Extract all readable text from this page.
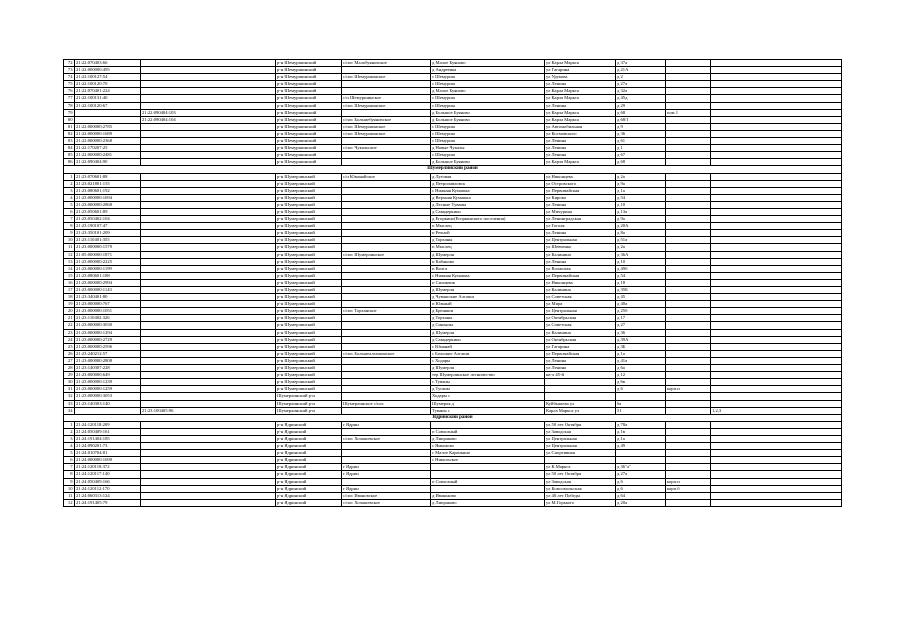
72	21:22:070403:66		р-н Шемуршинский	с/пос Малобуяновское	д Малое Буяново	ул Карла Маркса	д 37а		
73	21:22:000000:495		р-н Шемуршинский		д Андреевка	ул Гагарина	д 21А		
74	21:22:100127:54		р-н Шемуршинский	с/пос Шемуршинское	с Шемурша	ул Урукова	д 2		
75	21:22:100120:70		р-н Шемуршинский		с Шемурша	ул Ленина	д 27а		
76	21:22:070401:224		р-н Шемуршинский		д Малое Буяново	ул Карла Маркса	д 32а		
77	21:22:100131:40		р-н Шемуршинский	с/п Шемуршинское	с Шемурша	ул Карла Маркса	д 45д		
78	21:22:100120:67		р-н Шемуршинский	с/пос Шемуршинское	с Шемурша	ул Ленина	д 29		
79		21:22:090404:103	р-н Шемуршинский		д Большое Буяново	ул Карла Маркса	д 68	пом 1	
80		21:22:090404:104	р-н Шемуршинский	с/пос Большебуяновское	д Большое Буяново	ул Карла Маркса	д 68/1		
81	21:22:000000:2785		р-н Шемуршинский	с/пос Шемуршинское	с Шемурша	ул Автомобильная	д 9		
82	21:22:000000:1689		р-н Шемуршинский	с/пос Шемуршинское	с Шемурша	ул Космовского	д 36		
83	21:22:000000:2368		р-н Шемуршинский		с Шемурша	ул Ленина	д 61		
84	21:22:170207:25		р-н Шемуршинский	с/пос Чукальское	д Новые Чукалы	ул Ленина	д 1		
85	21:22:000000:2481		р-н Шемуршинский		с Шемурша	ул Ленина	д 67		
86	21:22:090404:90		р-н Шемуршинский		д Большое Буяново	ул Карла Маркса	д 68		
Шумерлинский район									
1	21:23:070601:88		р-н Шумерлинский	с/п Юманайское	д Луговая	ул Никонцева	д 2а		
2	21:23:021801:155		р-н Шумерлинский		д Петропавловск	ул Островского	д 9а		
3	21:23:080601:192		р-н Шумерлинский		с Нижняя Кумашка	ул Первомайская	д 1а		
4	21:23:000000:1694		р-н Шумерлинский		д Верхняя Кумашка	ул Кирова	д 54		
5	21:23:000000:2868		р-н Шумерлинский		д Лесные Туваны	ул Ленина	д 10		
6	21:23:050601:89		р-н Шумерлинский		д Савадеркино	ул Мичурина	д 13а		
7	21:23:050402:104		р-н Шумерлинский		д Егоркино(Егоркинского поселения)	ул Ленинградская	д 9а		
8	21:23:190107:47		р-н Шумерлинский		п Мыслец	ул Гоголя	д 20А		
9	21:23:350101:209		р-н Шумерлинский		п Речной	ул Ленина	д 8а		
10	21:23:110401:355		р-н Шумерлинский		д Торханы	ул Центральная	д 51а		
11	21:23:000000:1579		р-н Шумерлинский		п Мыслец	ул Шевченко	д 2а		
12	21:05:000000:1871		р-н Шумерлинский	с/пос Шумерлинское	д Шумерля	ул Калинина	д 36А		
13	21:23:000000:2225		р-н Шумерлинский		п Кабаново	ул Ленина	д 10		
14	21:23:000000:1199		р-н Шумерлинский		п Волга	ул Волжская	д 49б		
15	21:23:080601:188		р-н Шумерлинский		с Нижняя Кумашка	ул Первомайская	д 54		
16	21:23:000000:2994		р-н Шумерлинский		п Силикчик	ул Никонцева	д 18		
17	21:23:000000:1143		р-н Шумерлинский		д Шумерля	ул Калинина	д 35Б		
18	21:23:340401:80		р-н Шумерлинский		д Чувашские Алгаши	ул Советская	д 45		
19	21:23:000000:767		р-н Шумерлинский		п Южный	ул Мира	д 40а		
20	21:23:000000:1051		р-н Шумерлинский	с/пос Торханское	д Бреняши	ул Центральная	д 25б		
21	21:23:110402:326		р-н Шумерлинский		д Торханы	ул Октябрьская	д 17		
22	21:23:000000:3030		р-н Шумерлинский		д Синьялы	ул Советская	д 27		
23	21:23:000000:1294		р-н Шумерлинский		д Шумерля	ул Калинина	д 36		
24	21:23:000000:2729		р-н Шумерлинский		д Савадеркино	ул Октябрьская	д 39А		
25	21:23:000000:2596		р-н Шумерлинский		с Юманай	ул Гагарина	д 3Б		
26	21:23:240212:57		р-н Шумерлинский	с/пос Большеалгашинское	с Большие Алгаши	ул Первомайская	д 1а		
27	21:23:000000:2808		р-н Шумерлинский		с Ходары	ул Ленина	д 41а		
28	21:23:140307:228		р-н Шумерлинский		д Шумерля	ул Ленина	д 6а		
29	21:23:000000:649		р-н Шумерлинский		тер Шумерлинское лесничество	кв-л 45-й	д 12		
30	21:23:000000:1239		р-н Шумерлинский		с Туваны		д 6в		
31	21:23:000000:1259		р-н Шумерлинский		д Туганы		д 6	корп.и	
32	21:23:000000:3053		Шумерлинский р-н		Ходары с				
33	21:23:140303:140		Шумерлинский р-н	Шумерлинское с/пос	Шумерля д	Куйбышева ул	6а		
34		21:23:100405:96	Шумерлинский р-н		Туваны с	Карла Маркса ул	51		1,2,3
Ядринский район									
1	21:24:120118:209		р-н Ядринский	г Ядрин		ул 50 лет Октября	д 78а		
2	21:24:050409:161		р-н Ядринский		п Совхозный	ул Заводская	д 1в		
3	21:24:191404:185		р-н Ядринский	с/пос Хочашевское	д Липраково	ул Центральная	д 1а		
4	21:24:090201:73		р-н Ядринский		с Ямымово	ул Центральная	д 49		
5	21:24:010704:81		р-н Ядринский		с Малое Карачкино	ул Спортивная			
6	21:24:000000:1690		р-н Ядринский		с Никольское				
7	21:24:120118:372		р-н Ядринский	г Ядрин		ул К.Маркса	д 36"а"		
8	21:24:120117:140		р-н Ядринский	г Ядрин		ул 50 лет Октября	д 27а		
9	21:24:050409:166		р-н Ядринский		п Совхозный	ул Заводская	д 6	корп.и	
10	21:24:120112:170		р-н Ядринский	г Ядрин		ул Комсомольская	д 6	корп.б	
11	21:24:060313:124		р-н Ядринский	с/пос Ивановское	д Иваньково	ул 40 лет Победы	д 64		
12	21:24:191405:79		р-н Ядринский	с/пос Хочашевское	д Липраково	ул М.Горького	д 20а		
